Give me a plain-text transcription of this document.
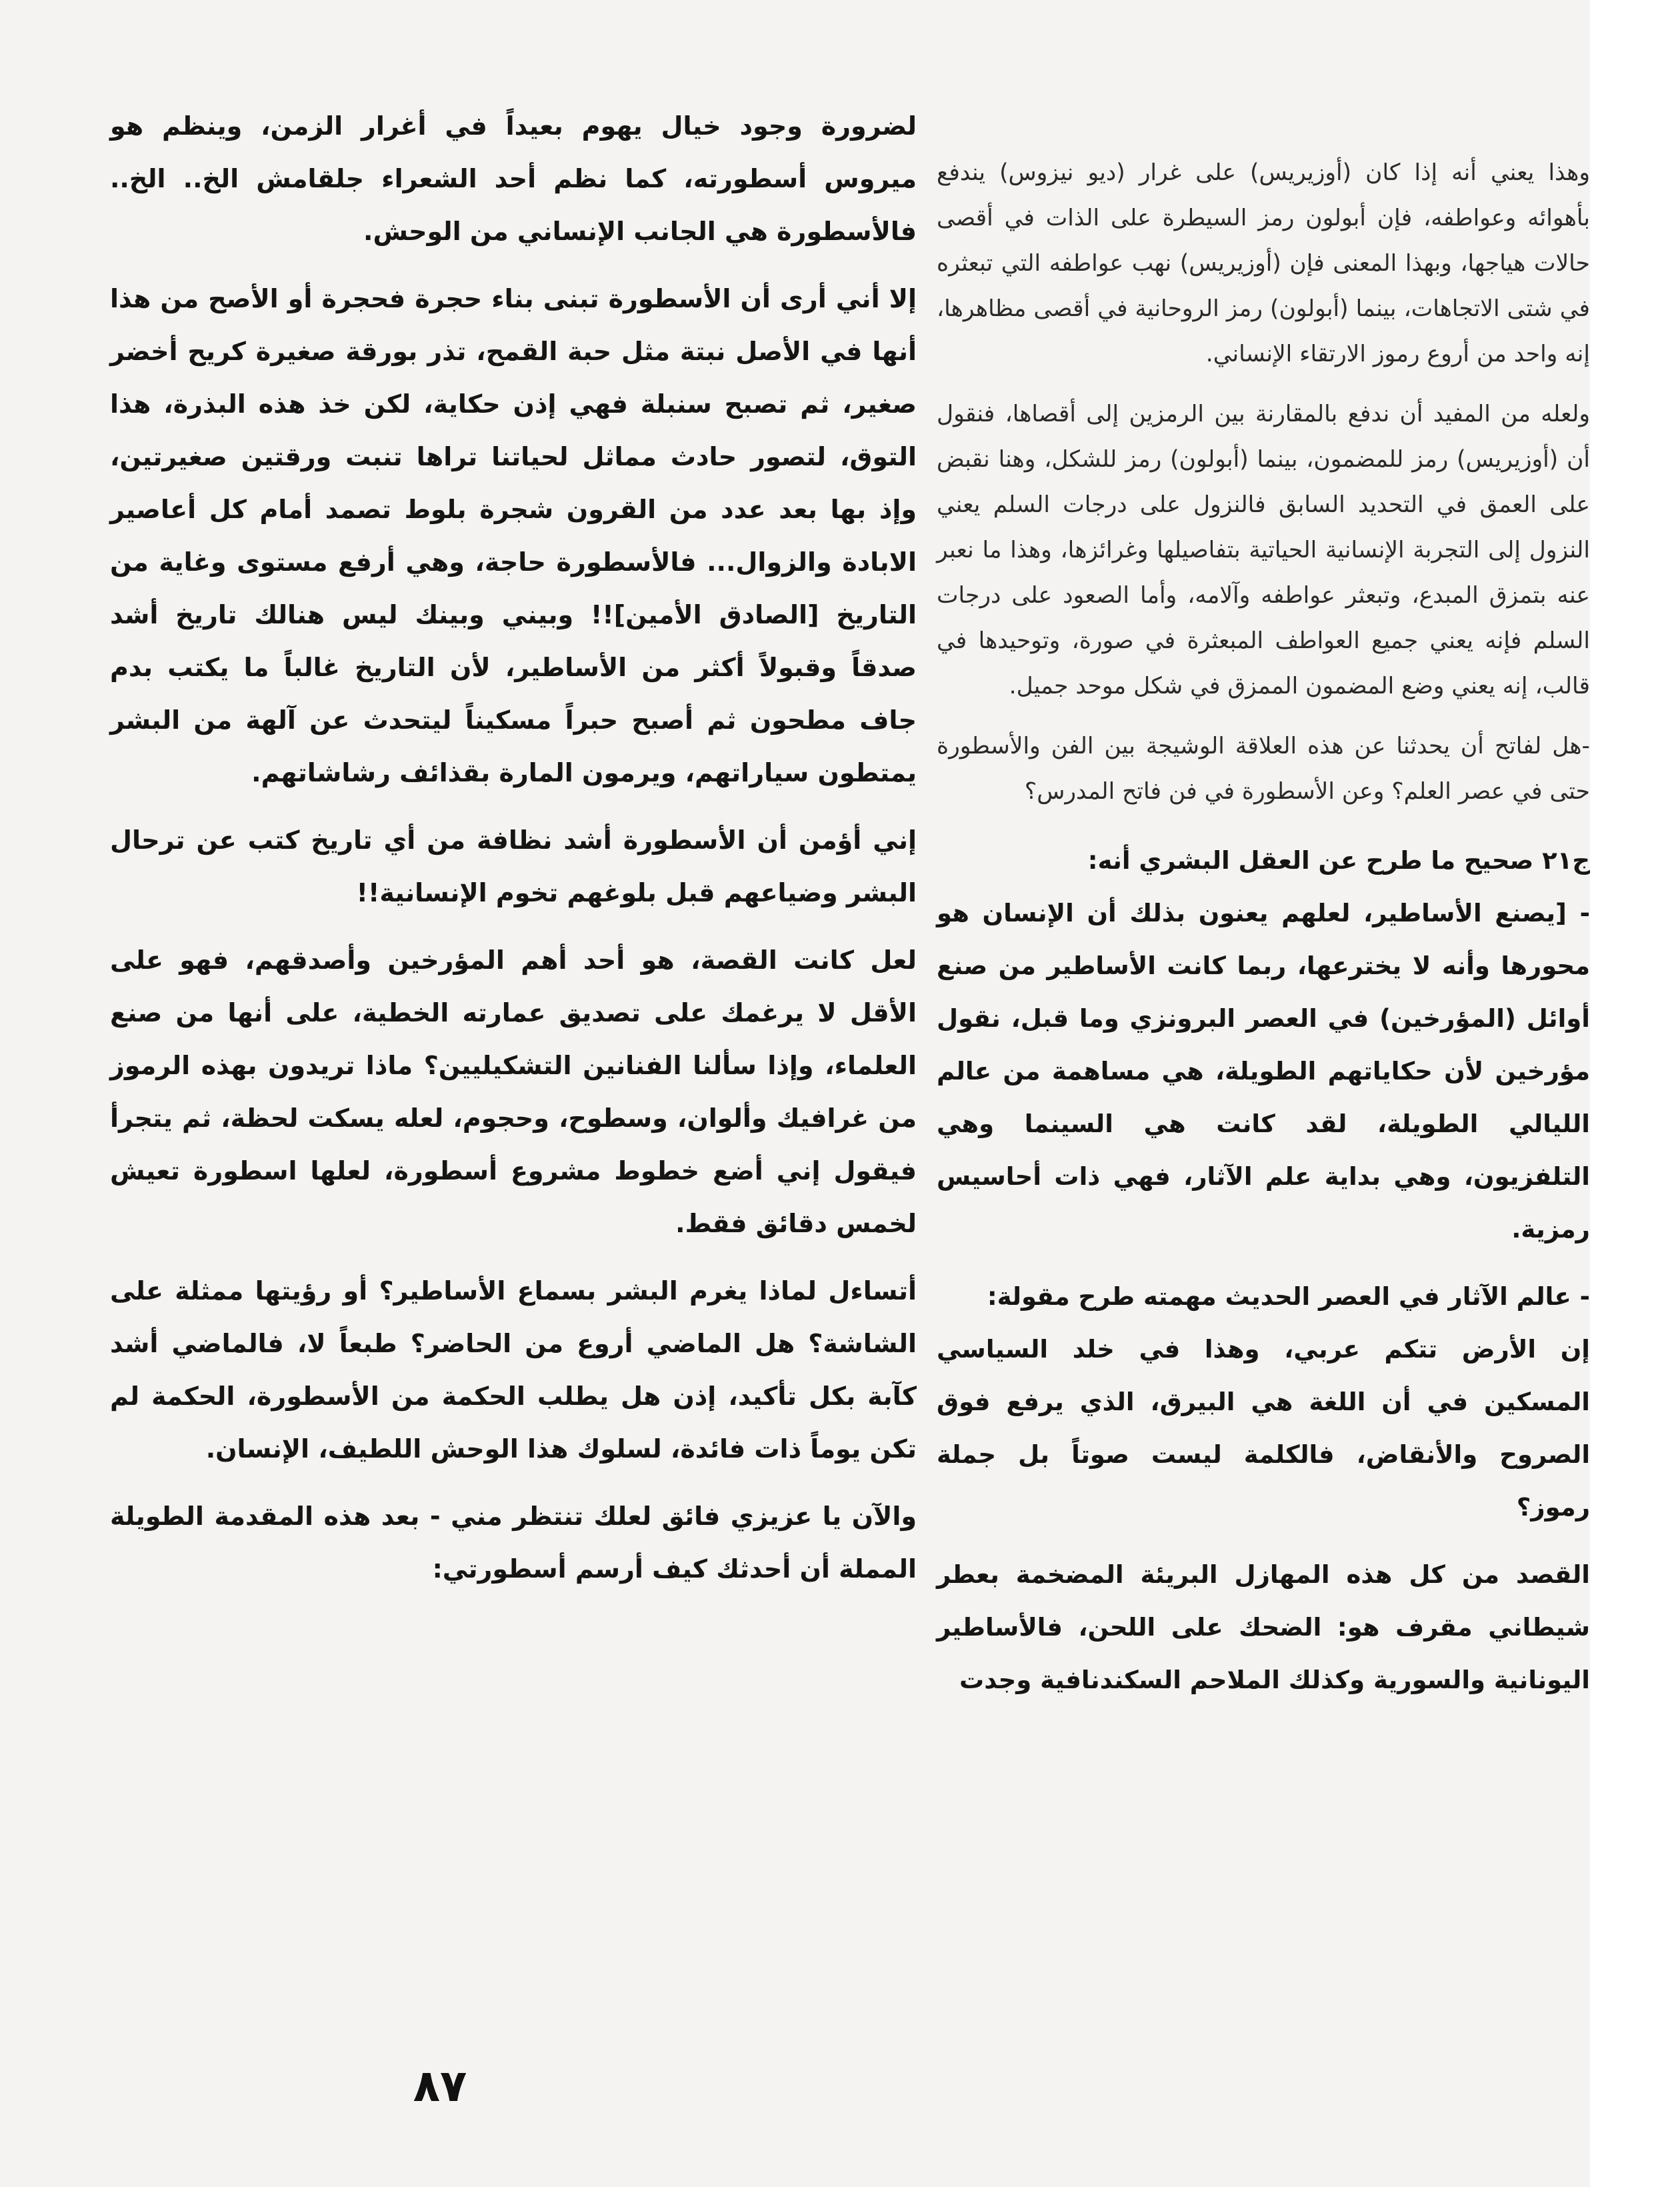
وهذا يعني أنه إذا كان (أوزيريس) على غرار (ديو نيزوس) يندفع بأهوائه وعواطفه، فإن أبولون رمز السيطرة على الذات في أقصى حالات هياجها، وبهذا المعنى فإن (أوزيريس) نهب عواطفه التي تبعثره في شتى الاتجاهات، بينما (أبولون) رمز الروحانية في أقصى مظاهرها، إنه واحد من أروع رموز الارتقاء الإنساني.

ولعله من المفيد أن ندفع بالمقارنة بين الرمزين إلى أقصاها، فنقول أن (أوزيريس) رمز للمضمون، بينما (أبولون) رمز للشكل، وهنا نقبض على العمق في التحديد السابق فالنزول على درجات السلم يعني النزول إلى التجربة الإنسانية الحياتية بتفاصيلها وغرائزها، وهذا ما نعبر عنه بتمزق المبدع، وتبعثر عواطفه وآلامه، وأما الصعود على درجات السلم فإنه يعني جميع العواطف المبعثرة في صورة، وتوحيدها في قالب، إنه يعني وضع المضمون الممزق في شكل موحد جميل.

-هل لفاتح أن يحدثنا عن هذه العلاقة الوشيجة بين الفن والأسطورة حتى في عصر العلم؟ وعن الأسطورة في فن فاتح المدرس؟

ج٢١ صحيح ما طرح عن العقل البشري أنه:

- [يصنع الأساطير، لعلهم يعنون بذلك أن الإنسان هو محورها وأنه لا يخترعها، ربما كانت الأساطير من صنع أوائل (المؤرخين) في العصر البرونزي وما قبل، نقول مؤرخين لأن حكاياتهم الطويلة، هي مساهمة من عالم الليالي الطويلة، لقد كانت هي السينما وهي التلفزيون، وهي بداية علم الآثار، فهي ذات أحاسيس رمزية.

- عالم الآثار في العصر الحديث مهمته طرح مقولة:

إن الأرض تتكم عربي، وهذا في خلد السياسي المسكين في أن اللغة هي البيرق، الذي يرفع فوق الصروح والأنقاض، فالكلمة ليست صوتاً بل جملة رموز؟

القصد من كل هذه المهازل البريئة المضخمة بعطر شيطاني مقرف هو: الضحك على اللحن، فالأساطير اليونانية والسورية وكذلك الملاحم السكندنافية وجدت

لضرورة وجود خيال يهوم بعيداً في أغرار الزمن، وينظم هو ميروس أسطورته، كما نظم أحد الشعراء جلقامش الخ.. الخ.. فالأسطورة هي الجانب الإنساني من الوحش.

إلا أني أرى أن الأسطورة تبنى بناء حجرة فحجرة أو الأصح من هذا أنها في الأصل نبتة مثل حبة القمح، تذر بورقة صغيرة كريح أخضر صغير، ثم تصبح سنبلة فهي إذن حكاية، لكن خذ هذه البذرة، هذا التوق، لتصور حادث مماثل لحياتنا تراها تنبت ورقتين صغيرتين، وإذ بها بعد عدد من القرون شجرة بلوط تصمد أمام كل أعاصير الابادة والزوال... فالأسطورة حاجة، وهي أرفع مستوى وغاية من التاريخ [الصادق الأمين]!! وبيني وبينك ليس هنالك تاريخ أشد صدقاً وقبولاً أكثر من الأساطير، لأن التاريخ غالباً ما يكتب بدم جاف مطحون ثم أصبح حبراً مسكيناً ليتحدث عن آلهة من البشر يمتطون سياراتهم، ويرمون المارة بقذائف رشاشاتهم.

إني أؤمن أن الأسطورة أشد نظافة من أي تاريخ كتب عن ترحال البشر وضياعهم قبل بلوغهم تخوم الإنسانية!!

لعل كانت القصة، هو أحد أهم المؤرخين وأصدقهم، فهو على الأقل لا يرغمك على تصديق عمارته الخطية، على أنها من صنع العلماء، وإذا سألنا الفنانين التشكيليين؟ ماذا تريدون بهذه الرموز من غرافيك وألوان، وسطوح، وحجوم، لعله يسكت لحظة، ثم يتجرأ فيقول إني أضع خطوط مشروع أسطورة، لعلها اسطورة تعيش لخمس دقائق فقط.

أتساءل لماذا يغرم البشر بسماع الأساطير؟ أو رؤيتها ممثلة على الشاشة؟ هل الماضي أروع من الحاضر؟ طبعاً لا، فالماضي أشد كآبة بكل تأكيد، إذن هل يطلب الحكمة من الأسطورة، الحكمة لم تكن يوماً ذات فائدة، لسلوك هذا الوحش اللطيف، الإنسان.

والآن يا عزيزي فائق لعلك تنتظر مني - بعد هذه المقدمة الطويلة المملة أن أحدثك كيف أرسم أسطورتي:

٨٧
